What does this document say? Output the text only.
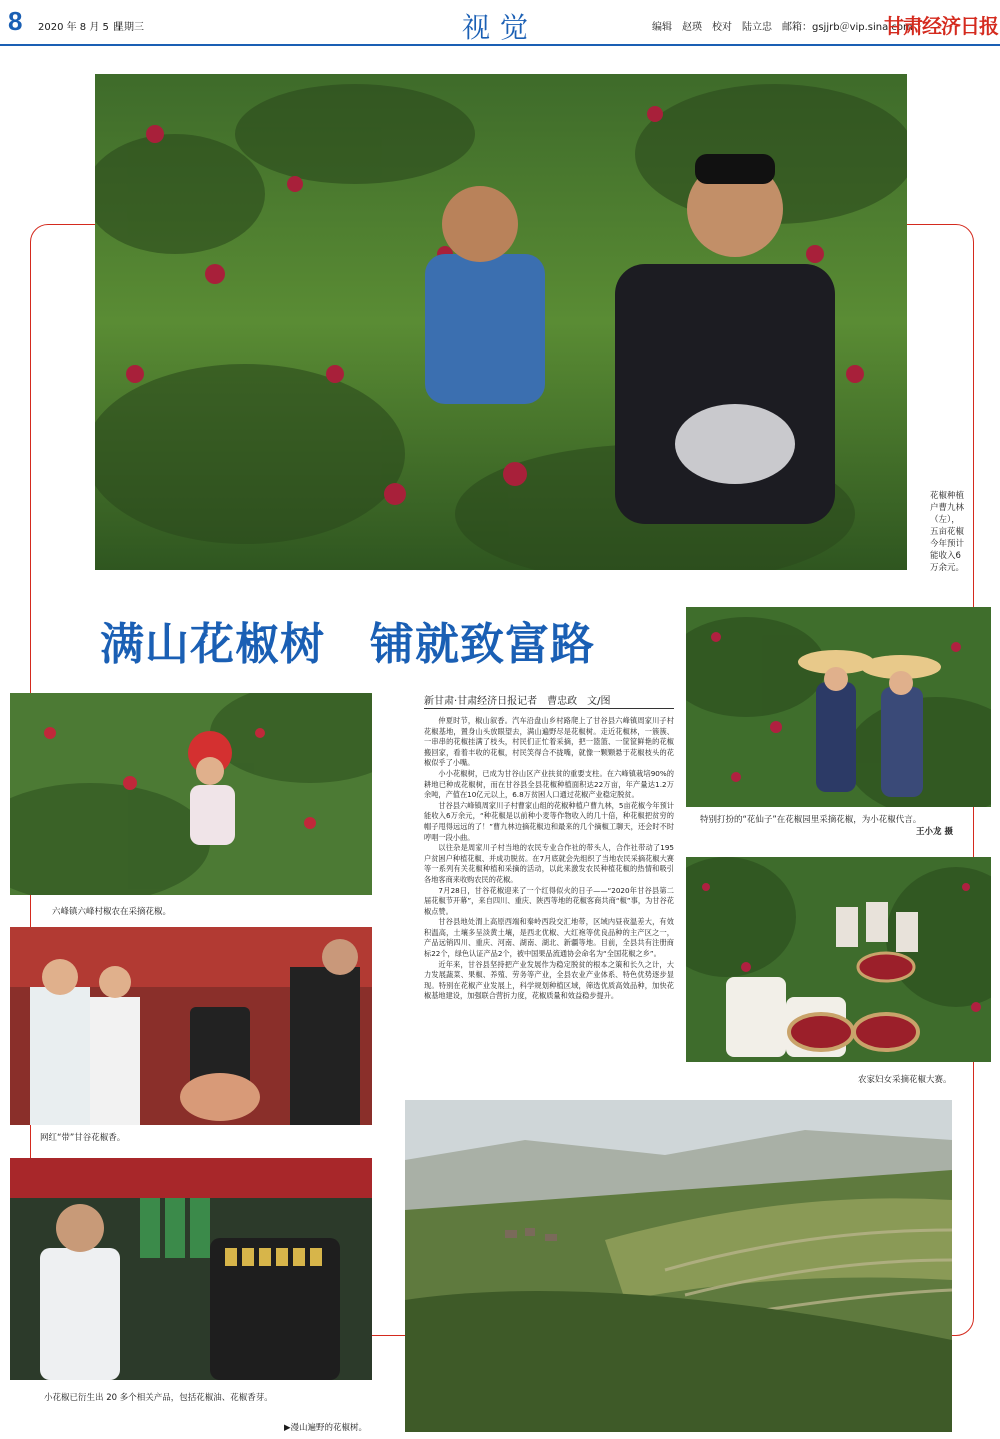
8 2020 年 8 月 5 日
星期三	视觉	编辑　赵瑛　校对　陆立忠　邮箱：gsjjrb＠vip.sina.com
甘肃经济日报
花椒种植户曹九林（左），五亩花椒今年预计能收入6万余元。
满山花椒树　铺就致富路
特别打扮的“花仙子”在花椒园里采摘花椒，为小花椒代言。
王小龙 摄
新甘肃·甘肃经济日报记者　曹忠政　文/图

仲夏时节，椒山叙香。汽车沿盘山乡村路爬上了甘谷县六峰镇周家川子村花椒基地，置身山头放眼望去，满山遍野尽是花椒树。走近花椒林，一簇簇、一串串的花椒挂满了枝头，村民们正忙着采摘，把一篮篮、一筐筐鲜艳的花椒搬回家，看着丰收的花椒，村民笑得合不拢嘴，就像一颗颗悬于花椒枝头的花椒似乎了小嘴。

小小花椒树，已成为甘谷山区产业扶贫的重要支柱。在六峰镇栽培90%的耕地已种成花椒树，而在甘谷县全县花椒种植面积达22万亩，年产量达1.2万余吨，产值在10亿元以上，6.8万贫困人口通过花椒产业稳定脱贫。

甘谷县六峰镇周家川子村曹家山组的花椒种植户曹九林，5亩花椒今年预计能收入6万余元，“种花椒是以前种小麦等作物收入的几十倍，种花椒把贫穷的帽子甩得远远的了！”曹九林边摘花椒边和最来的几个摘椒工聊天，还会时不时哼唱一段小曲。

以往杂是周家川子村当地的农民专业合作社的带头人，合作社带动了195户贫困户种植花椒、并成功脱贫。在7月底就会先组织了当地农民采摘花椒大赛等一系列有关花椒种植和采摘的活动，以此来激发农民种植花椒的热情和吸引各地客商来收购农民的花椒。

7月28日，甘谷花椒迎来了一个红得似火的日子——“2020年甘谷县第二届花椒节开幕”，来自四川、重庆、陕西等地的花椒客商共商“椒”事，为甘谷花椒点赞。

甘谷县地处渭上高原西端和秦岭西段交汇地带，区域内昼夜温差大，有效积温高，土壤多呈淡黄土壤，是西北优椒、大红袍等优良品种的主产区之一，产品远销四川、重庆、河南、湖南、湖北、新疆等地。目前，全县共有注册商标22个，绿色认证产品2个，被中国果品流通协会命名为“全国花椒之乡”。

近年来，甘谷县坚持把产业发展作为稳定脱贫的根本之策和长久之计，大力发展蔬菜、果椒、养殖、劳务等产业，全县农业产业体系、特色优势逐步显现。特别在花椒产业发展上，科学规划种植区域，筛选优质高效品种，加快花椒基地建设，加强联合营折力度，花椒质量和效益稳步提升。

六峰镇六峰村椒农在采摘花椒。
网红“带”甘谷花椒香。
农家妇女采摘花椒大赛。
小花椒已衍生出 20 多个相关产品，包括花椒油、花椒香芽。
▶漫山遍野的花椒树。
